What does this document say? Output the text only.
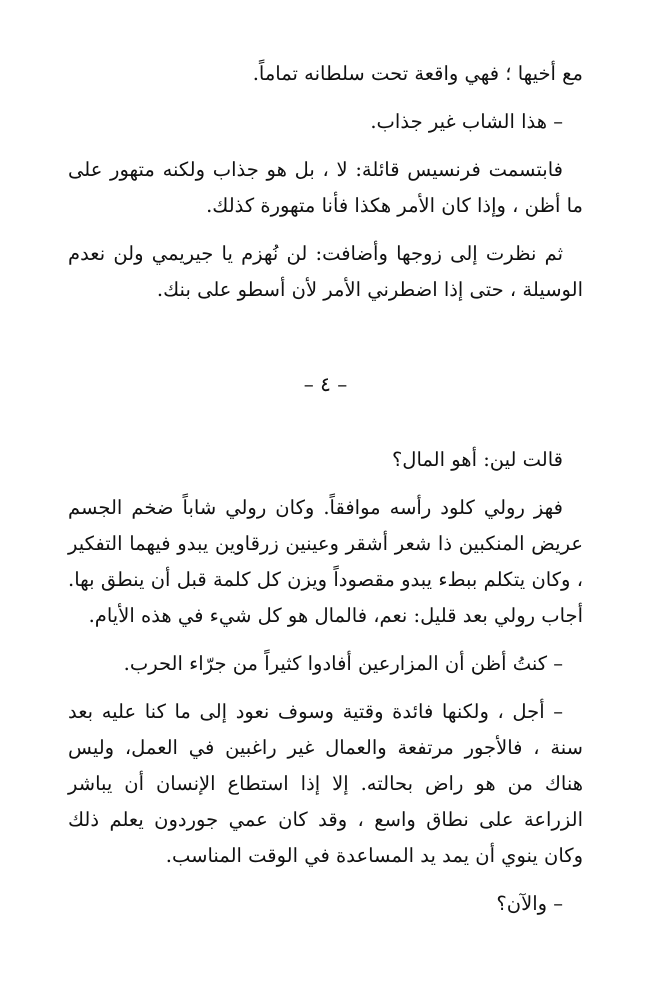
مع أخيها ؛ فهي واقعة تحت سلطانه تماماً.

– هذا الشاب غير جذاب.

فابتسمت فرنسيس قائلة: لا ، بل هو جذاب ولكنه متهور على ما أظن ، وإذا كان الأمر هكذا فأنا متهورة كذلك.

ثم نظرت إلى زوجها وأضافت: لن نُهزم يا جيريمي ولن نعدم الوسيلة ، حتى إذا اضطرني الأمر لأن أسطو على بنك.

– ٤ –

قالت لين: أهو المال؟

فهز رولي كلود رأسه موافقاً. وكان رولي شاباً ضخم الجسم عريض المنكبين ذا شعر أشقر وعينين زرقاوين يبدو فيهما التفكير ، وكان يتكلم ببطء يبدو مقصوداً ويزن كل كلمة قبل أن ينطق بها. أجاب رولي بعد قليل: نعم، فالمال هو كل شيء في هذه الأيام.

– كنتُ أظن أن المزارعين أفادوا كثيراً من جرّاء الحرب.

– أجل ، ولكنها فائدة وقتية وسوف نعود إلى ما كنا عليه بعد سنة ، فالأجور مرتفعة والعمال غير راغبين في العمل، وليس هناك من هو راض بحالته. إلا إذا استطاع الإنسان أن يباشر الزراعة على نطاق واسع ، وقد كان عمي جوردون يعلم ذلك وكان ينوي أن يمد يد المساعدة في الوقت المناسب.

– والآن؟
